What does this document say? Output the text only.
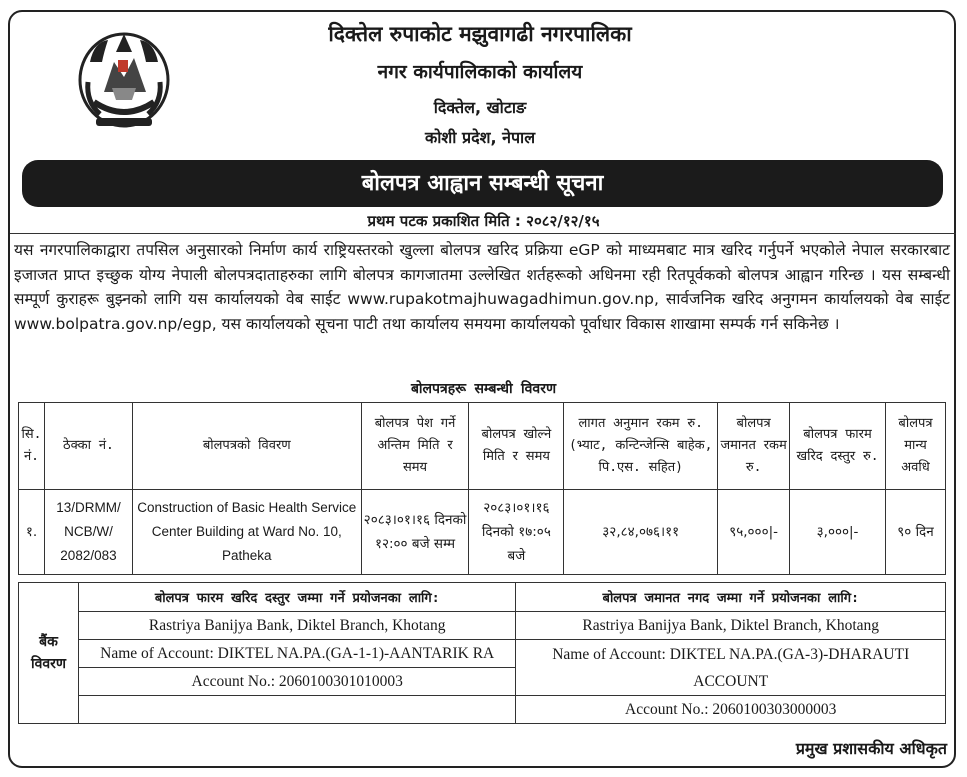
दिक्तेल रुपाकोट मझुवागढी नगरपालिका
नगर कार्यपालिकाको कार्यालय
दिक्तेल, खोटाङ
कोशी प्रदेश, नेपाल
बोलपत्र आह्वान सम्बन्धी सूचना
प्रथम पटक प्रकाशित मिति : २०८२/१२/१५
यस नगरपालिकाद्वारा तपसिल अनुसारको निर्माण कार्य राष्ट्रियस्तरको खुल्ला बोलपत्र खरिद प्रक्रिया eGP को माध्यमबाट मात्र खरिद गर्नुपर्ने भएकोले नेपाल सरकारबाट इजाजत प्राप्त इच्छुक योग्य नेपाली बोलपत्रदाताहरुका लागि बोलपत्र कागजातमा उल्लेखित शर्तहरूको अधिनमा रही रितपूर्वकको बोलपत्र आह्वान गरिन्छ । यस सम्बन्धी सम्पूर्ण कुराहरू बुझ्नको लागि यस कार्यालयको वेब साईट www.rupakotmajhuwagadhimun.gov.np, सार्वजनिक खरिद अनुगमन कार्यालयको वेब साईट www.bolpatra.gov.np/egp, यस कार्यालयको सूचना पाटी तथा कार्यालय समयमा कार्यालयको पूर्वाधार विकास शाखामा सम्पर्क गर्न सकिनेछ ।
बोलपत्रहरू सम्बन्धी विवरण
सि. नं.	ठेक्का नं.	बोलपत्रको विवरण	बोलपत्र पेश गर्ने अन्तिम मिति र समय	बोलपत्र खोल्ने मिति र समय	लागत अनुमान रकम रु. (भ्याट, कन्टिन्जेन्सि बाहेक, पि.एस. सहित)	बोलपत्र जमानत रकम रु.	बोलपत्र फारम खरिद दस्तुर रु.	बोलपत्र मान्य अवधि
१.	13/DRMM/ NCB/W/ 2082/083	Construction of Basic Health Service Center Building at Ward No. 10, Patheka	२०८३।०१।१६ दिनको १२:०० बजे सम्म	२०८३।०१।१६ दिनको १७:०५ बजे	३२,८४,०७६।११	९५,०००|-	३,०००|-	९० दिन
बैंक विवरण	बोलपत्र फारम खरिद दस्तुर जम्मा गर्ने प्रयोजनका लागि:	बोलपत्र जमानत नगद जम्मा गर्ने प्रयोजनका लागि:
	Rastriya Banijya Bank, Diktel Branch, Khotang	Rastriya Banijya Bank, Diktel Branch, Khotang
	Name of Account: DIKTEL NA.PA.(GA-1-1)-AANTARIK RA	Name of Account: DIKTEL NA.PA.(GA-3)-DHARAUTI ACCOUNT
	Account No.: 2060100301010003	
		Account No.: 2060100303000003
प्रमुख प्रशासकीय अधिकृत
